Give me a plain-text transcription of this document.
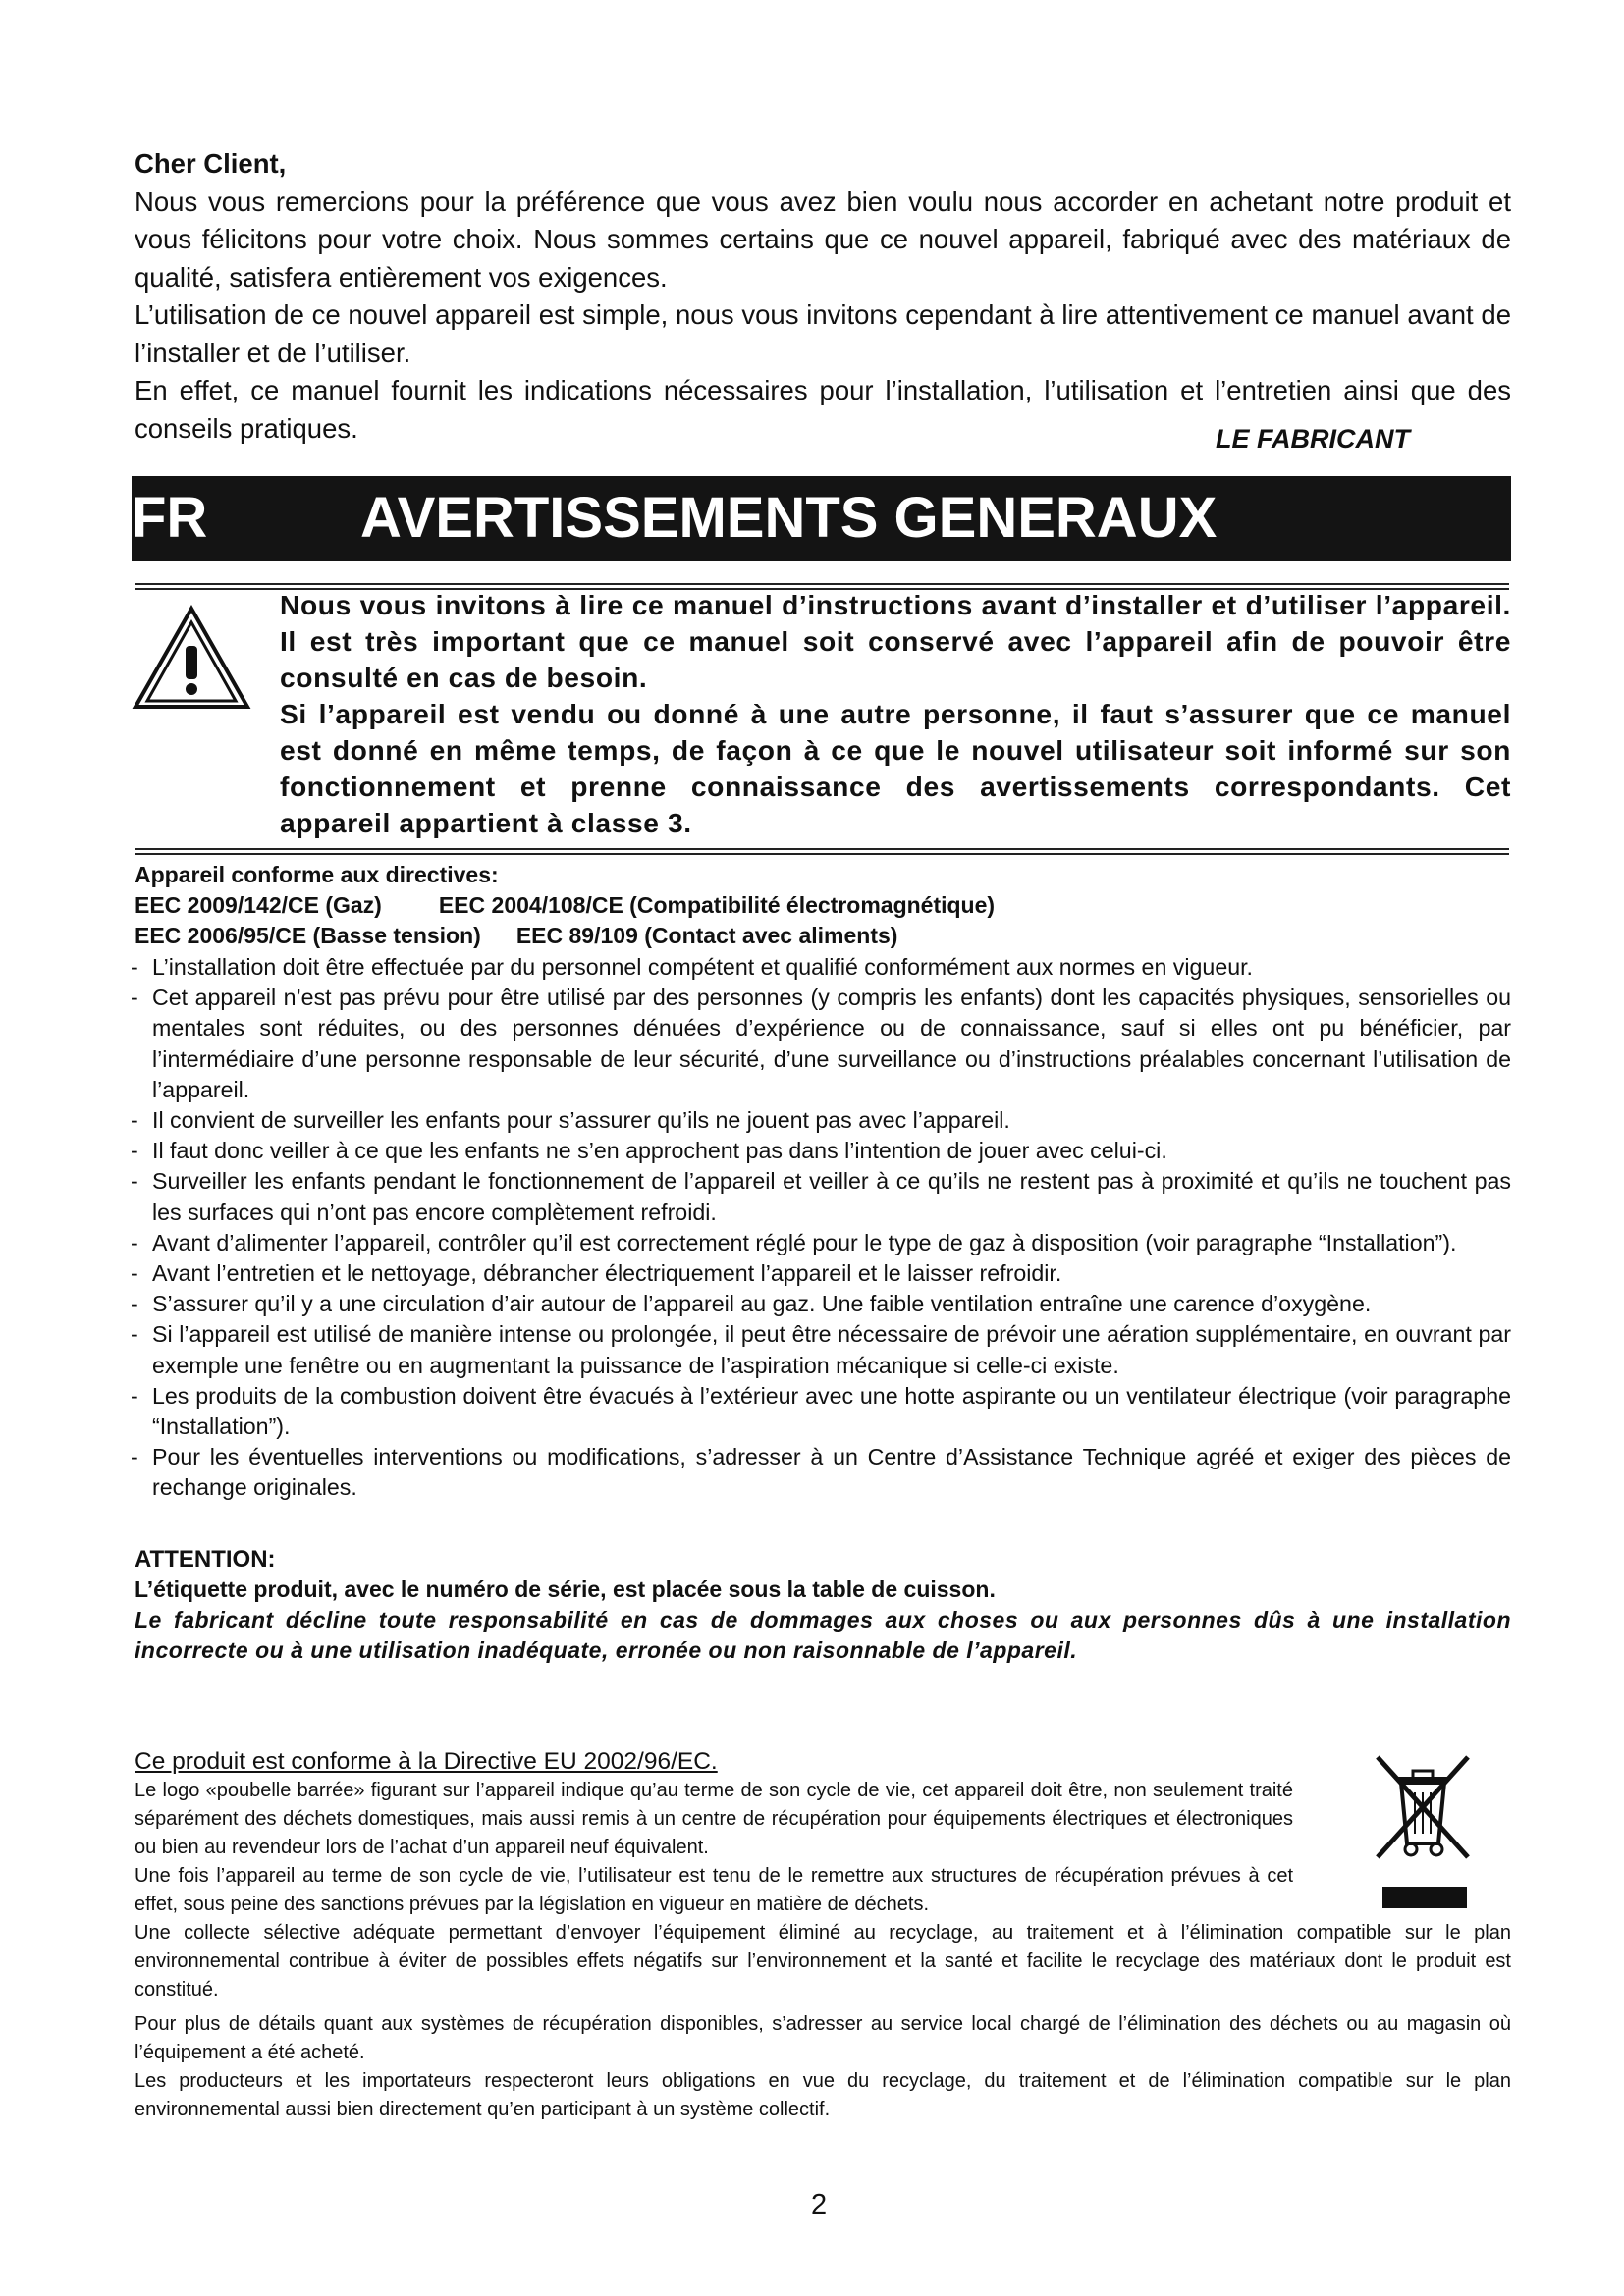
Cher Client,

Nous vous remercions pour la préférence que vous avez bien voulu nous accorder en achetant notre produit et vous félicitons pour votre choix. Nous sommes certains que ce nouvel appareil, fabriqué avec des matériaux de qualité, satisfera entièrement vos exigences.

L’utilisation de ce nouvel appareil est simple, nous vous invitons cependant à lire attentivement ce manuel avant de l’installer et de l’utiliser.

En effet, ce manuel fournit les indications nécessaires pour l’installation, l’utilisation et l’entretien ainsi que des conseils pratiques.	LE FABRICANT
FR	AVERTISSEMENTS GENERAUX

Nous vous invitons à lire ce manuel d’instructions avant d’installer et d’utiliser l’appareil. Il est très important que ce manuel soit conservé avec l’appareil afin de pouvoir être consulté en cas de besoin.

Si l’appareil est vendu ou donné à une autre personne, il faut s’assurer que ce manuel est donné en même temps, de façon à ce que le nouvel utilisateur soit informé sur son fonctionnement et prenne connaissance des avertissements correspondants. Cet appareil appartient à classe 3.

Appareil conforme aux directives:
EEC 2009/142/CE (Gaz)	EEC 2004/108/CE (Compatibilité électromagnétique)
EEC 2006/95/CE (Basse tension) EEC 89/109 (Contact avec aliments)
- L’installation doit être effectuée par du personnel compétent et qualifié conformément aux normes en vigueur.
- Cet appareil n’est pas prévu pour être utilisé par des personnes (y compris les enfants) dont les capacités physiques, sensorielles ou mentales sont réduites, ou des personnes dénuées d’expérience ou de connaissance, sauf si elles ont pu bénéficier, par l’intermédiaire d’une personne responsable de leur sécurité, d’une surveillance ou d’instructions préalables concernant l’utilisation de l’appareil.
- Il convient de surveiller les enfants pour s’assurer qu’ils ne jouent pas avec l’appareil.
- Il faut donc veiller à ce que les enfants ne s’en approchent pas dans l’intention de jouer avec celui-ci.
- Surveiller les enfants pendant le fonctionnement de l’appareil et veiller à ce qu’ils ne restent pas à proximité et qu’ils ne touchent pas les surfaces qui n’ont pas encore complètement refroidi.
- Avant d’alimenter l’appareil, contrôler qu’il est correctement réglé pour le type de gaz à disposition (voir paragraphe “Installation”).
- Avant l’entretien et le nettoyage, débrancher électriquement l’appareil et le laisser refroidir.
- S’assurer qu’il y a une circulation d’air autour de l’appareil au gaz. Une faible ventilation entraîne une carence d’oxygène.
- Si l’appareil est utilisé de manière intense ou prolongée, il peut être nécessaire de prévoir une aération supplémentaire, en ouvrant par exemple une fenêtre ou en augmentant la puissance de l’aspiration mécanique si celle-ci existe.
- Les produits de la combustion doivent être évacués à l’extérieur avec une hotte aspirante ou un ventilateur électrique (voir paragraphe “Installation”).
- Pour les éventuelles interventions ou modifications, s’adresser à un Centre d’Assistance Technique agréé et exiger des pièces de rechange originales.

ATTENTION:

L’étiquette produit, avec le numéro de série, est placée sous la table de cuisson.

Le fabricant décline toute responsabilité en cas de dommages aux choses ou aux personnes dûs à une installation incorrecte ou à une utilisation inadéquate, erronée ou non raisonnable de l’appareil.

Ce produit est conforme à la Directive EU 2002/96/EC.

Le logo «poubelle barrée» figurant sur l’appareil indique qu’au terme de son cycle de vie, cet appareil doit être, non seulement traité séparément des déchets domestiques, mais aussi remis à un centre de récupération pour équipements électriques et électroniques ou bien au revendeur lors de l’achat d’un appareil neuf équivalent.

Une fois l’appareil au terme de son cycle de vie, l’utilisateur est tenu de le remettre aux structures de récupération prévues à cet effet, sous peine des sanctions prévues par la législation en vigueur en matière de déchets.

Une collecte sélective adéquate permettant d’envoyer l’équipement éliminé au recyclage, au traitement et à l’élimination compatible sur le plan environnemental contribue à éviter de possibles effets négatifs sur l’environnement et la santé et facilite le recyclage des matériaux dont le produit est constitué.

Pour plus de détails quant aux systèmes de récupération disponibles, s’adresser au service local chargé de l’élimination des déchets ou au magasin où l’équipement a été acheté.

Les producteurs et les importateurs respecteront leurs obligations en vue du recyclage, du traitement et de l’élimination compatible sur le plan environnemental aussi bien directement qu’en participant à un système collectif.

2
